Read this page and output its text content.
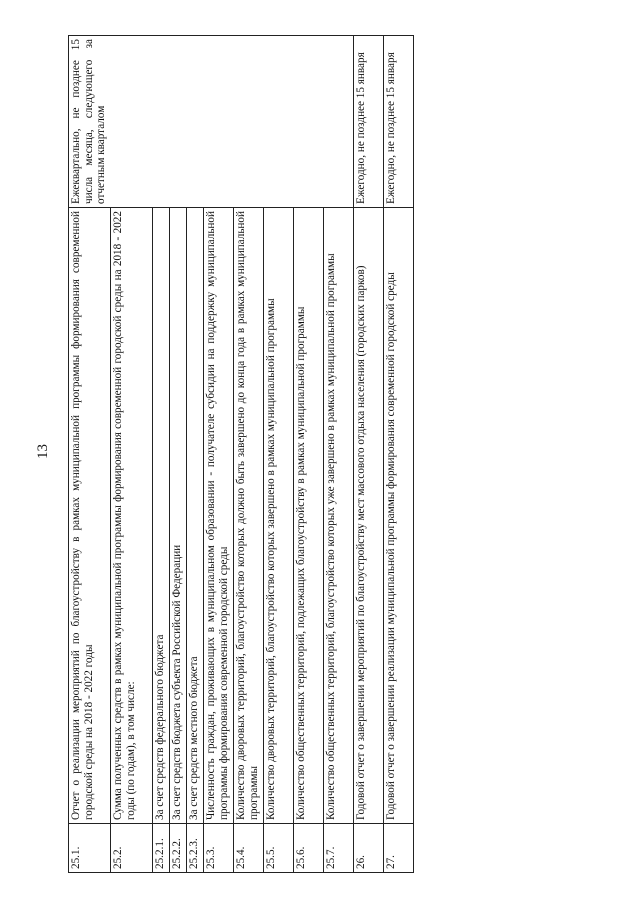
13
25.1.	Отчет о реализации мероприятий по благоустройству в рамках муниципальной программы формирования современной городской среды на 2018 - 2022 годы	Ежеквартально, не позднее 15 числа месяца, следующего за отчетным кварталом
25.2.	Сумма полученных средств в рамках муниципальной программы формирования современной городской среды на 2018 - 2022 годы (по годам), в том числе:	
25.2.1.	За счет средств федерального бюджета	
25.2.2.	За счет средств бюджета субъекта Российской Федерации	
25.2.3.	За счет средств местного бюджета	
25.3.	Численность граждан, проживающих в муниципальном образовании - получателе субсидии на поддержку муниципальной программы формирования современной городской среды	
25.4.	Количество дворовых территорий, благоустройство которых должно быть завершено до конца года в рамках муниципальной программы	
25.5.	Количество дворовых территорий, благоустройство которых завершено в рамках муниципальной программы	
25.6.	Количество общественных территорий, подлежащих благоустройству в рамках муниципальной программы	
25.7.	Количество общественных территорий, благоустройство которых уже завершено в рамках муниципальной программы	
26.	Годовой отчет о завершении мероприятий по благоустройству мест массового отдыха населения (городских парков)	Ежегодно, не позднее 15 января
27.	Годовой отчет о завершении реализации муниципальной программы формирования современной городской среды	Ежегодно, не позднее 15 января
